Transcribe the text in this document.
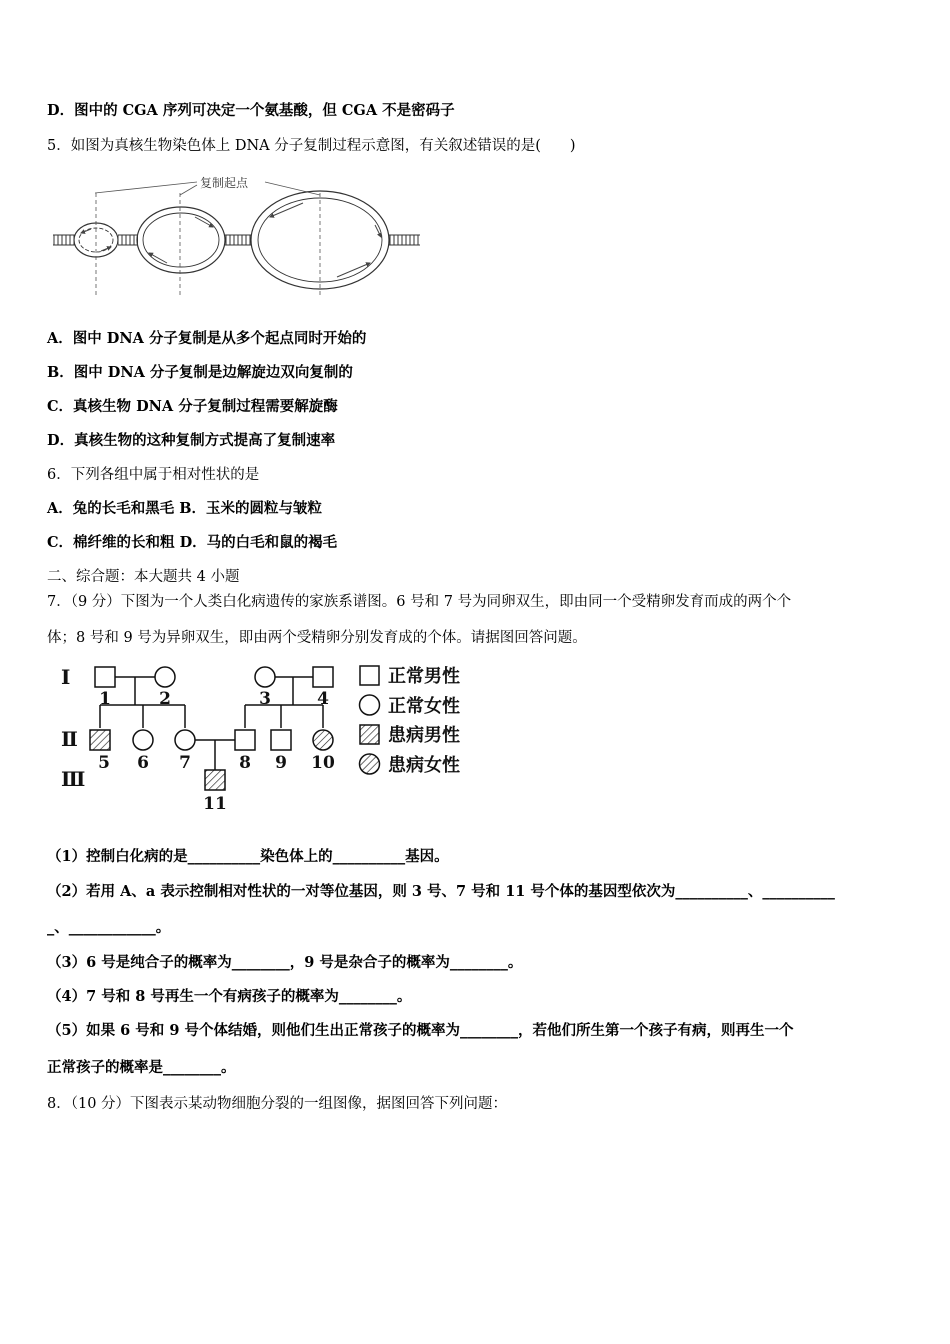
D．图中的 CGA 序列可决定一个氨基酸，但 CGA 不是密码子
5．如图为真核生物染色体上 DNA 分子复制过程示意图，有关叙述错误的是(　　)
复制起点
A．图中 DNA 分子复制是从多个起点同时开始的
B．图中 DNA 分子复制是边解旋边双向复制的
C．真核生物 DNA 分子复制过程需要解旋酶
D．真核生物的这种复制方式提高了复制速率
6．下列各组中属于相对性状的是
A．兔的长毛和黑毛 B．玉米的圆粒与皱粒
C．棉纤维的长和粗 D．马的白毛和鼠的褐毛
二、综合题：本大题共 4 小题
7．（9 分）下图为一个人类白化病遗传的家族系谱图。6 号和 7 号为同卵双生，即由同一个受精卵发育而成的两个个
体；8 号和 9 号为异卵双生，即由两个受精卵分别发育成的个体。请据图回答问题。
Ⅰ
Ⅱ
Ⅲ
1	2	3	4
5 6 7	8 9 10
11
正常男性
正常女性
患病男性
患病女性
（1）控制白化病的是__________染色体上的__________基因。
（2）若用 A、a 表示控制相对性状的一对等位基因，则 3 号、7 号和 11 号个体的基因型依次为__________、__________
_、____________。
（3）6 号是纯合子的概率为________，9 号是杂合子的概率为________。
（4）7 号和 8 号再生一个有病孩子的概率为________。
（5）如果 6 号和 9 号个体结婚，则他们生出正常孩子的概率为________，若他们所生第一个孩子有病，则再生一个
正常孩子的概率是________。
8．（10 分）下图表示某动物细胞分裂的一组图像，据图回答下列问题：
